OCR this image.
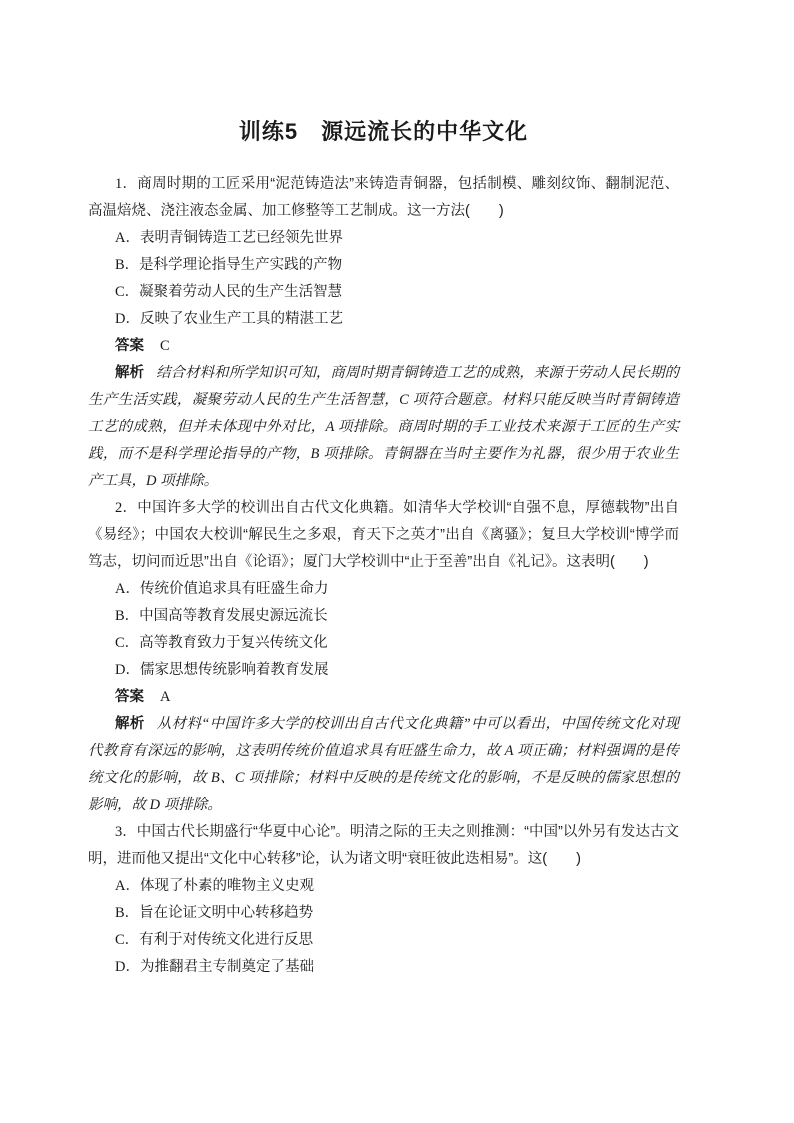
训练5　源远流长的中华文化

1．商周时期的工匠采用“泥范铸造法”来铸造青铜器，包括制模、雕刻纹饰、翻制泥范、高温焙烧、浇注液态金属、加工修整等工艺制成。这一方法(　　)

A．表明青铜铸造工艺已经领先世界

B．是科学理论指导生产实践的产物

C．凝聚着劳动人民的生产生活智慧

D．反映了农业生产工具的精湛工艺

答案 C

解析 结合材料和所学知识可知，商周时期青铜铸造工艺的成熟，来源于劳动人民长期的生产生活实践，凝聚劳动人民的生产生活智慧，C 项符合题意。材料只能反映当时青铜铸造工艺的成熟，但并未体现中外对比，A 项排除。商周时期的手工业技术来源于工匠的生产实践，而不是科学理论指导的产物，B 项排除。青铜器在当时主要作为礼器，很少用于农业生产工具，D 项排除。

2．中国许多大学的校训出自古代文化典籍。如清华大学校训“自强不息，厚德载物”出自《易经》；中国农大校训“解民生之多艰，育天下之英才”出自《离骚》；复旦大学校训“博学而笃志，切问而近思”出自《论语》；厦门大学校训中“止于至善”出自《礼记》。这表明(　　)

A．传统价值追求具有旺盛生命力

B．中国高等教育发展史源远流长

C．高等教育致力于复兴传统文化

D．儒家思想传统影响着教育发展

答案 A

解析 从材料“中国许多大学的校训出自古代文化典籍”中可以看出，中国传统文化对现代教育有深远的影响，这表明传统价值追求具有旺盛生命力，故 A 项正确；材料强调的是传统文化的影响，故 B、C 项排除；材料中反映的是传统文化的影响，不是反映的儒家思想的影响，故 D 项排除。

3．中国古代长期盛行“华夏中心论”。明清之际的王夫之则推测：“中国”以外另有发达古文明，进而他又提出“文化中心转移”论，认为诸文明“衰旺彼此迭相易”。这(　　)

A．体现了朴素的唯物主义史观

B．旨在论证文明中心转移趋势

C．有利于对传统文化进行反思

D．为推翻君主专制奠定了基础
